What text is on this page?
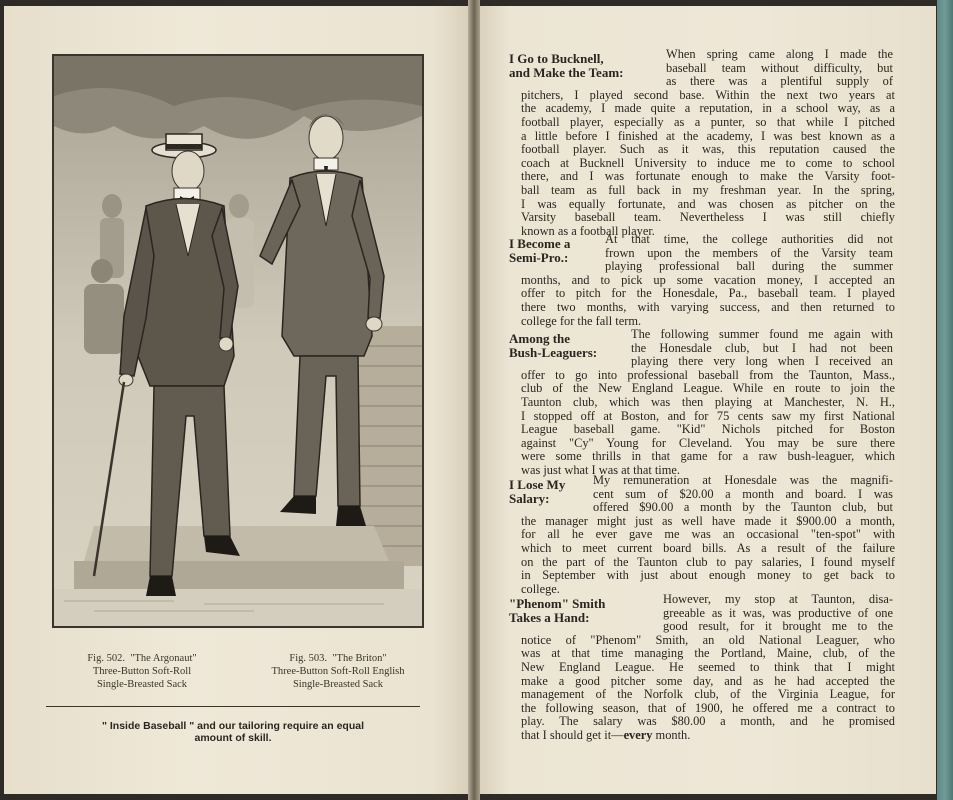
Fig. 502. "The Argonaut"
Three-Button Soft-Roll
Single-Breasted Sack
Fig. 503. "The Briton"
Three-Button Soft-Roll English
Single-Breasted Sack
" Inside Baseball " and our tailoring require an equal
amount of skill.
I Go to Bucknell,
and Make the Team:
When spring came along I made the
baseball team without difficulty, but
as there was a plentiful supply of
pitchers, I played second base. Within the next two years at
the academy, I made quite a reputation, in a school way, as a
football player, especially as a punter, so that while I pitched
a little before I finished at the academy, I was best known as a
football player. Such as it was, this reputation caused the
coach at Bucknell University to induce me to come to school
there, and I was fortunate enough to make the Varsity foot-
ball team as full back in my freshman year. In the spring,
I was equally fortunate, and was chosen as pitcher on the
Varsity baseball team. Nevertheless I was still chiefly
known as a football player.
I Become a
Semi-Pro.:
At that time, the college authorities did not
frown upon the members of the Varsity team
playing professional ball during the summer
months, and to pick up some vacation money, I accepted an
offer to pitch for the Honesdale, Pa., baseball team. I played
there two months, with varying success, and then returned to
college for the fall term.
Among the
Bush-Leaguers:
The following summer found me again with
the Honesdale club, but I had not been
playing there very long when I received an
offer to go into professional baseball from the Taunton, Mass.,
club of the New England League. While en route to join the
Taunton club, which was then playing at Manchester, N. H.,
I stopped off at Boston, and for 75 cents saw my first National
League baseball game. "Kid" Nichols pitched for Boston
against "Cy" Young for Cleveland. You may be sure there
were some thrills in that game for a raw bush-leaguer, which
was just what I was at that time.
I Lose My
Salary:
My remuneration at Honesdale was the magnifi-
cent sum of $20.00 a month and board. I was
offered $90.00 a month by the Taunton club, but
the manager might just as well have made it $900.00 a month,
for all he ever gave me was an occasional "ten-spot" with
which to meet current board bills. As a result of the failure
on the part of the Taunton club to pay salaries, I found myself
in September with just about enough money to get back to
college.
"Phenom" Smith
Takes a Hand:
However, my stop at Taunton, disa-
greeable as it was, was productive of one
good result, for it brought me to the
notice of "Phenom" Smith, an old National Leaguer, who
was at that time managing the Portland, Maine, club, of the
New England League. He seemed to think that I might
make a good pitcher some day, and as he had accepted the
management of the Norfolk club, of the Virginia League, for
the following season, that of 1900, he offered me a contract to
play. The salary was $80.00 a month, and he promised
that I should get it—every month.
